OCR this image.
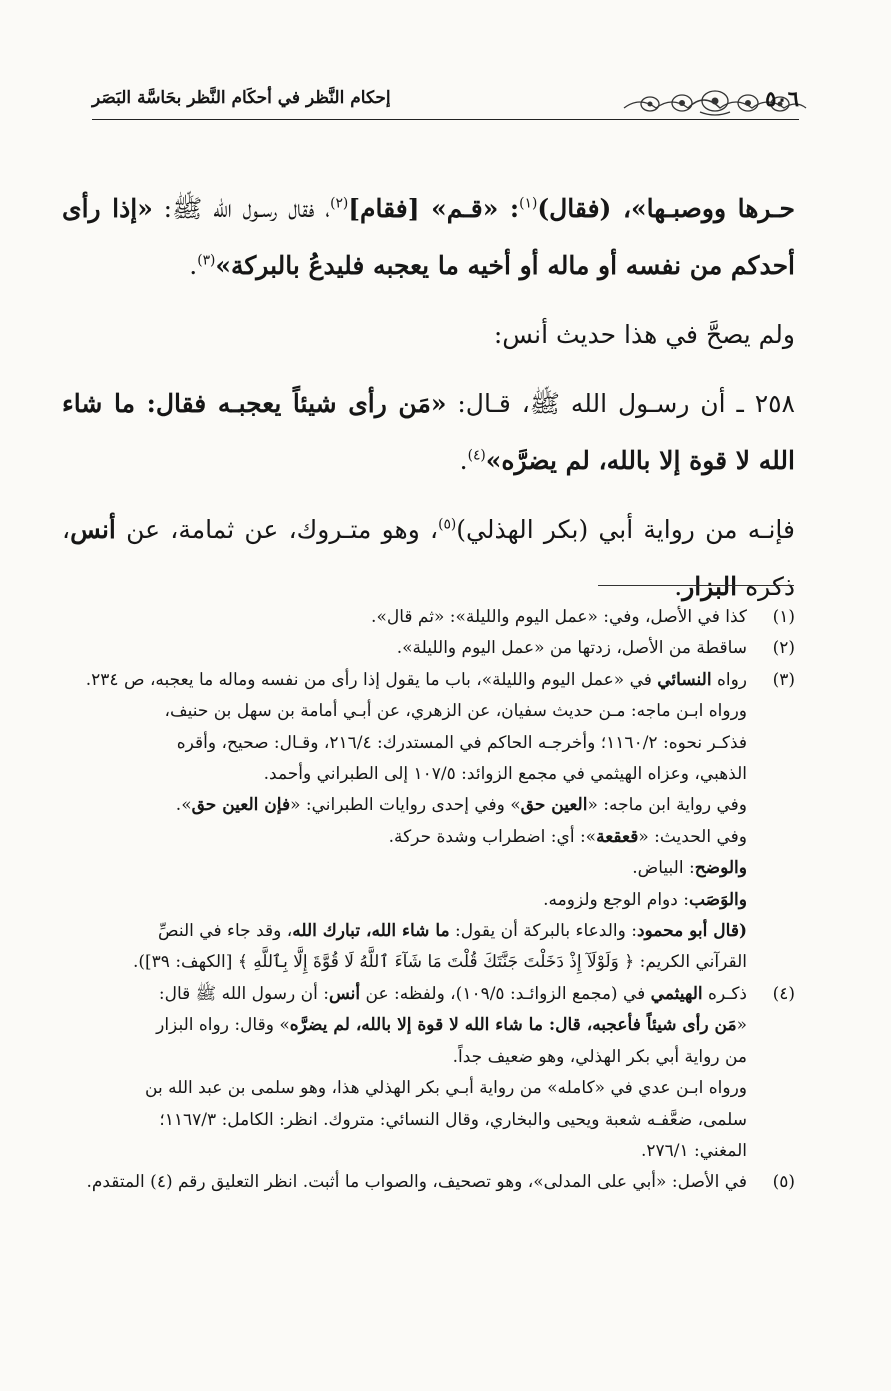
إحكام النَّظر في أحكَام النَّظر بحَاسَّة البَصَر	٥٠٦

حـرها ووصبـها»، (فقال)$^{(١)}$: «قـم» [فقام]$^{(٢)}$، فقال رسـول الله ﷺ: «إذا رأى أحدكم من نفسه أو ماله أو أخيه ما يعجبه فليدعُ بالبركة»$^{(٣)}$.

ولم يصحَّ في هذا حديث أنس:

٢٥٨ ـ أن رسـول الله ﷺ، قـال: «مَن رأى شيئاً يعجبـه فقال: ما شاء الله لا قوة إلا بالله، لم يضرَّه»$^{(٤)}$.

فإنـه من رواية أبي (بكر الهذلي)$^{(٥)}$، وهو متـروك، عن ثمامة، عن أنس، ذكره البزار.

(١)
كذا في الأصل، وفي: «عمل اليوم والليلة»: «ثم قال».
(٢)
ساقطة من الأصل، زدتها من «عمل اليوم والليلة».
(٣)
رواه النسائي في «عمل اليوم والليلة»، باب ما يقول إذا رأى من نفسه وماله ما يعجبه، ص ٢٣٤.
ورواه ابـن ماجه: مـن حديث سفيان، عن الزهري، عن أبـي أمامة بن سهل بن حنيف،
فذكـر نحوه: ١١٦٠/٢؛ وأخرجـه الحاكم في المستدرك: ٢١٦/٤، وقـال: صحيح، وأقره
الذهبي، وعزاه الهيثمي في مجمع الزوائد: ١٠٧/٥ إلى الطبراني وأحمد.
وفي رواية ابن ماجه: «العين حق» وفي إحدى روايات الطبراني: «فإن العين حق».
وفي الحديث: «قعقعة»: أي: اضطراب وشدة حركة.
والوضح: البياض.
والوَصَب: دوام الوجع ولزومه.
(قال أبو محمود: والدعاء بالبركة أن يقول: ما شاء الله، تبارك الله، وقد جاء في النصِّ
القرآني الكريم: ﴿ وَلَوْلَآ إِذْ دَخَلْتَ جَنَّتَكَ قُلْتَ مَا شَآءَ ٱللَّهُ لَا قُوَّةَ إِلَّا بِٱللَّهِ ﴾ [الكهف: ٣٩]).
(٤)
ذكـره الهيثمي في (مجمع الزوائـد: ١٠٩/٥)، ولفظه: عن أنس: أن رسول الله ﷺ قال:
«مَن رأى شيئاً فأعجبه، قال: ما شاء الله لا قوة إلا بالله، لم يضرَّه» وقال: رواه البزار
من رواية أبي بكر الهذلي، وهو ضعيف جداً.
ورواه ابـن عدي في «كامله» من رواية أبـي بكر الهذلي هذا، وهو سلمى بن عبد الله بن
سلمى، ضعَّفـه شعبة ويحيى والبخاري، وقال النسائي: متروك. انظر: الكامل: ١١٦٧/٣؛
المغني: ٢٧٦/١.
(٥)
في الأصل: «أبي على المدلى»، وهو تصحيف، والصواب ما أثبت. انظر التعليق رقم (٤) المتقدم.
